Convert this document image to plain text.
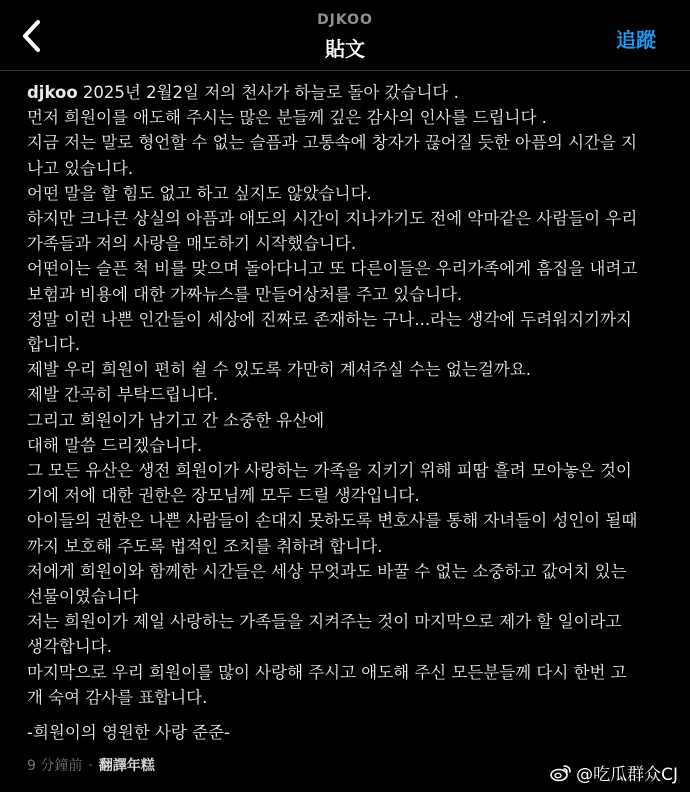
DJKOO
貼文	追蹤
djkoo 2025년 2월2일 저의 천사가 하늘로 돌아 갔습니다 .
먼저 희원이를 애도해 주시는 많은 분들께 깊은 감사의 인사를 드립니다 .
지금 저는 말로 형언할 수 없는 슬픔과 고통속에 창자가 끊어질 듯한 아픔의 시간을 지
나고 있습니다.
어떤 말을 할 힘도 없고 하고 싶지도 않았습니다.
하지만 크나큰 상실의 아픔과 애도의 시간이 지나가기도 전에 악마같은 사람들이 우리
가족들과 저의 사랑을 매도하기 시작했습니다.
어떤이는 슬픈 척 비를 맞으며 돌아다니고 또 다른이들은 우리가족에게 흠집을 내려고
보험과 비용에 대한 가짜뉴스를 만들어상처를 주고 있습니다.
정말 이런 나쁜 인간들이 세상에 진짜로 존재하는 구나...라는 생각에 두려워지기까지
합니다.
제발 우리 희원이 편히 쉴 수 있도록 가만히 계셔주실 수는 없는걸까요.
제발 간곡히 부탁드립니다.
그리고 희원이가 남기고 간 소중한 유산에
대해 말씀 드리겠습니다.
그 모든 유산은 생전 희원이가 사랑하는 가족을 지키기 위해 피땀 흘려 모아놓은 것이
기에 저에 대한 권한은 장모님께 모두 드릴 생각입니다.
아이들의 권한은 나쁜 사람들이 손대지 못하도록 변호사를 통해 자녀들이 성인이 될때
까지 보호해 주도록 법적인 조치를 취하려 합니다.
저에게 희원이와 함께한 시간들은 세상 무엇과도 바꿀 수 없는 소중하고 값어치 있는
선물이였습니다
저는 희원이가 제일 사랑하는 가족들을 지켜주는 것이 마지막으로 제가 할 일이라고
생각합니다.
마지막으로 우리 희원이를 많이 사랑해 주시고 애도해 주신 모든분들께 다시 한번 고
개 숙여 감사를 표합니다.
-희원이의 영원한 사랑 준준-
9 分鐘前 · 翻譯年糕	@吃瓜群众CJ
